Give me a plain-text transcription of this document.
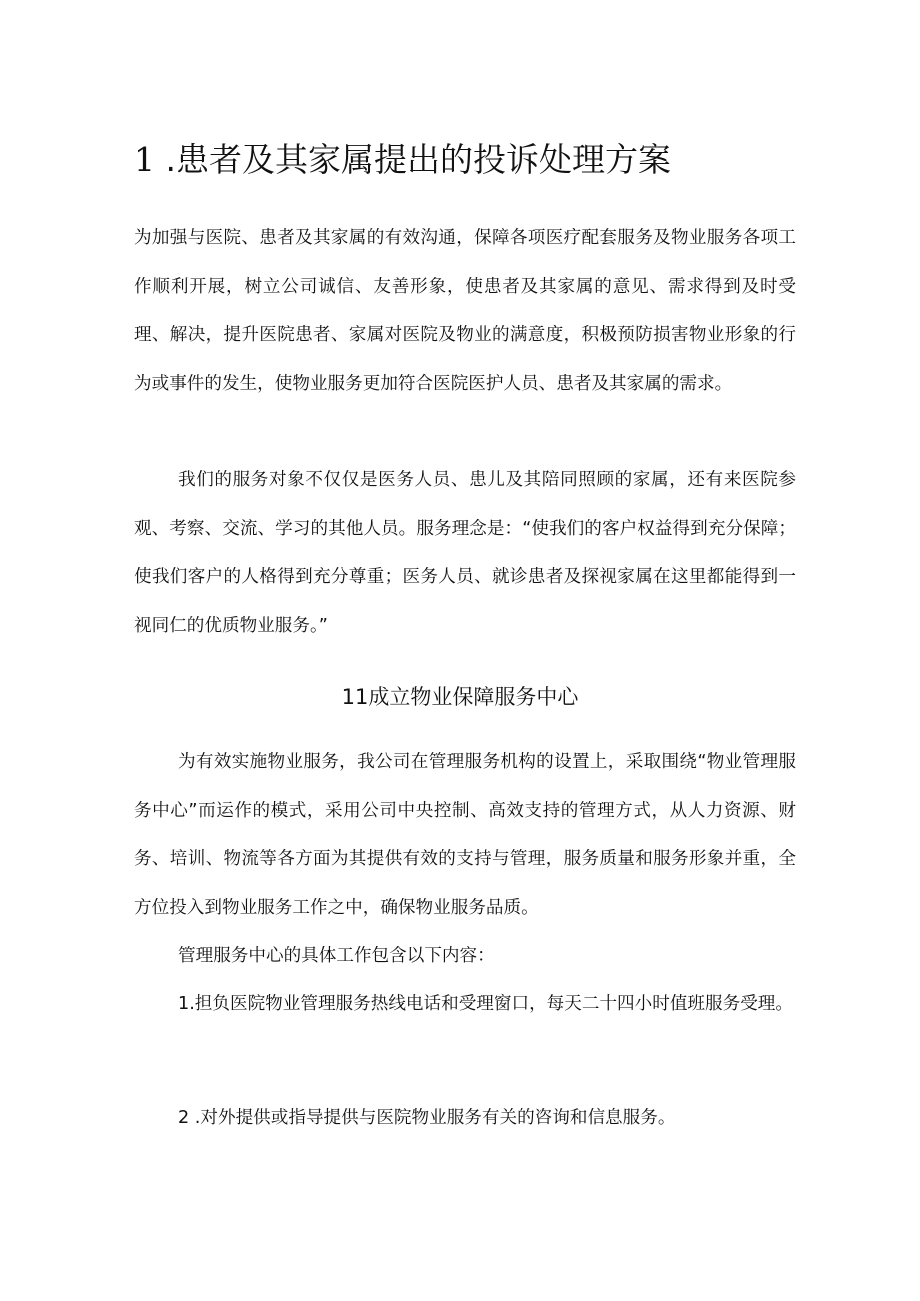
1 .患者及其家属提出的投诉处理方案

为加强与医院、患者及其家属的有效沟通，保障各项医疗配套服务及物业服务各项工作顺利开展，树立公司诚信、友善形象，使患者及其家属的意见、需求得到及时受理、解决，提升医院患者、家属对医院及物业的满意度，积极预防损害物业形象的行为或事件的发生，使物业服务更加符合医院医护人员、患者及其家属的需求。

我们的服务对象不仅仅是医务人员、患儿及其陪同照顾的家属，还有来医院参观、考察、交流、学习的其他人员。服务理念是：“使我们的客户权益得到充分保障；使我们客户的人格得到充分尊重；医务人员、就诊患者及探视家属在这里都能得到一视同仁的优质物业服务。”

11成立物业保障服务中心

为有效实施物业服务，我公司在管理服务机构的设置上，采取围绕“物业管理服务中心”而运作的模式，采用公司中央控制、高效支持的管理方式，从人力资源、财务、培训、物流等各方面为其提供有效的支持与管理，服务质量和服务形象并重，全方位投入到物业服务工作之中，确保物业服务品质。

管理服务中心的具体工作包含以下内容：

1.担负医院物业管理服务热线电话和受理窗口，每天二十四小时值班服务受理。

2 .对外提供或指导提供与医院物业服务有关的咨询和信息服务。
